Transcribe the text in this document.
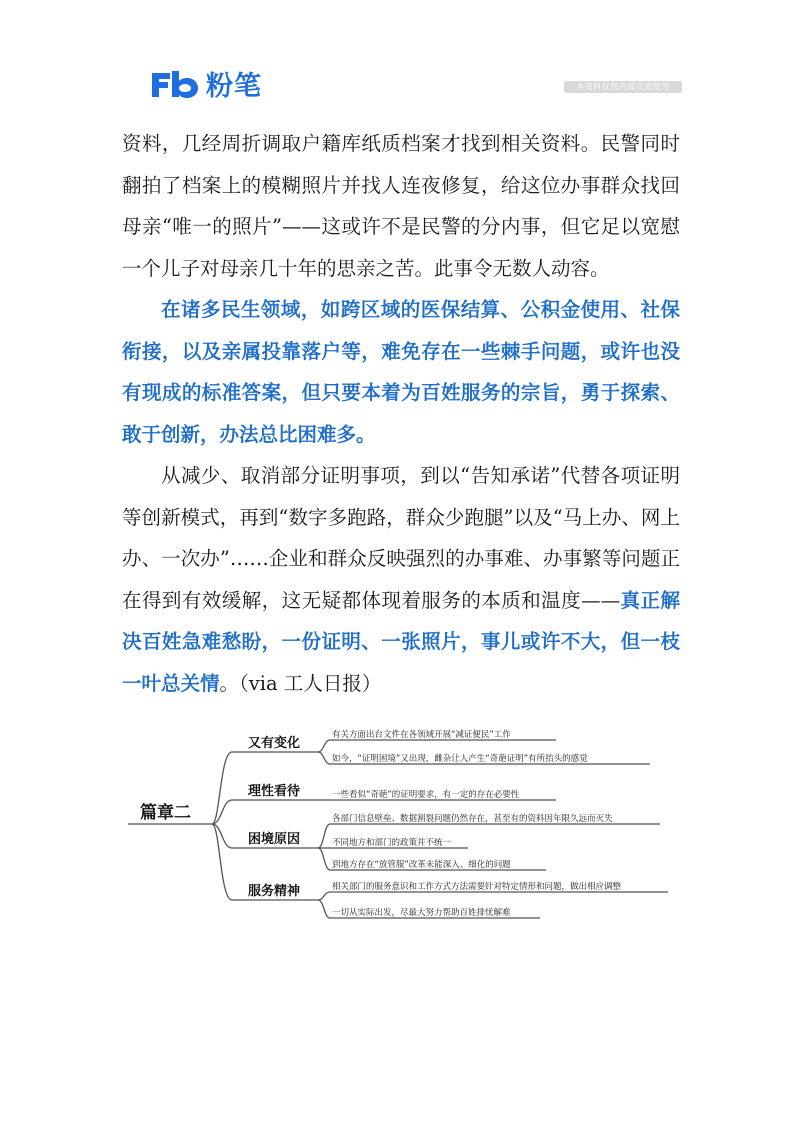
粉笔	本资料仅供内部交流使用

资料，几经周折调取户籍库纸质档案才找到相关资料。民警同时翻拍了档案上的模糊照片并找人连夜修复，给这位办事群众找回母亲“唯一的照片”——这或许不是民警的分内事，但它足以宽慰一个儿子对母亲几十年的思亲之苦。此事令无数人动容。

在诸多民生领域，如跨区域的医保结算、公积金使用、社保衔接，以及亲属投靠落户等，难免存在一些棘手问题，或许也没有现成的标准答案，但只要本着为百姓服务的宗旨，勇于探索、敢于创新，办法总比困难多。

从减少、取消部分证明事项，到以“告知承诺”代替各项证明等创新模式，再到“数字多跑路，群众少跑腿”以及“马上办、网上办、一次办”……企业和群众反映强烈的办事难、办事繁等问题正在得到有效缓解，这无疑都体现着服务的本质和温度——真正解决百姓急难愁盼，一份证明、一张照片，事儿或许不大，但一枝一叶总关情。（via 工人日报）

篇章二
又有变化
理性看待
困境原因
服务精神
有关方面出台文件在各领域开展“减证便民”工作
如今，“证明困境”又出现，雌杂让人产生“奇葩证明”有所抬头的感觉
一些看似“奇葩”的证明要求，有一定的存在必要性
各部门信息壁垒、数据割裂问题仍然存在，甚至有的资料因年限久远而灭失
不同地方和部门的政策并不统一
到地方存在“放管服”改革未能深入、细化的问题
相关部门的服务意识和工作方式方法需要针对特定情形和问题，做出相应调整
一切从实际出发，尽最大努力帮助百姓排忧解难
